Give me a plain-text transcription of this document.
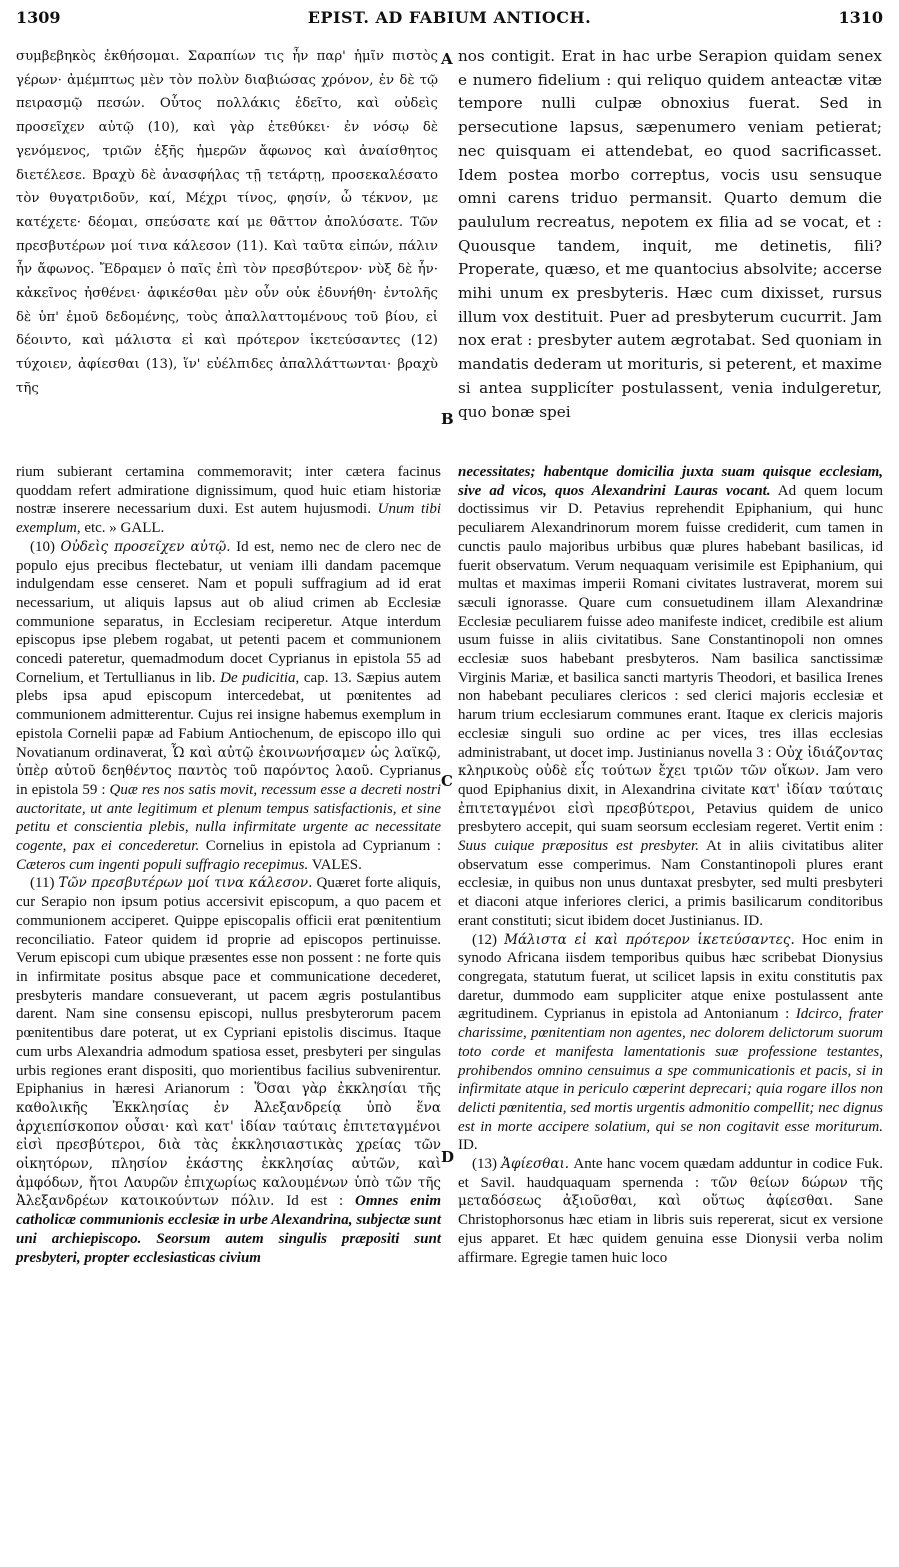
1309	EPIST. AD FABIUM ANTIOCH.	1310
συμβεβηκὸς ἐκθήσομαι. Σαραπίων τις ἦν παρ' ἡμῖν πιστὸς γέρων· ἀμέμπτως μὲν τὸν πολὺν διαβιώσας χρόνον, ἐν δὲ τῷ πειρασμῷ πεσών. Οὗτος πολλάκις ἐδεῖτο, καὶ οὐδεὶς προσεῖχεν αὐτῷ (10), καὶ γὰρ ἐτεθύκει· ἐν νόσῳ δὲ γενόμενος, τριῶν ἑξῆς ἡμερῶν ἄφωνος καὶ ἀναίσθητος διετέλεσε. Βραχὺ δὲ ἀνασφήλας τῇ τετάρτῃ, προσεκαλέσατο τὸν θυγατριδοῦν, καί, Μέχρι τίνος, φησίν, ὦ τέκνον, με κατέχετε· δέομαι, σπεύσατε καί με θᾶττον ἀπολύσατε. Τῶν πρεσβυτέρων μοί τινα κάλεσον (11). Καὶ ταῦτα εἰπών, πάλιν ἦν ἄφωνος. Ἔδραμεν ὁ παῖς ἐπὶ τὸν πρεσβύτερον· νὺξ δὲ ἦν· κἀκεῖνος ἠσθένει· ἀφικέσθαι μὲν οὖν οὐκ ἐδυνήθη· ἐντολῆς δὲ ὑπ' ἐμοῦ δεδομένης, τοὺς ἀπαλλαττομένους τοῦ βίου, εἰ δέοιντο, καὶ μάλιστα εἰ καὶ πρότερον ἱκετεύσαντες (12) τύχοιεν, ἀφίεσθαι (13), ἵν' εὐέλπιδες ἀπαλλάττωνται· βραχὺ τῆς
nos contigit. Erat in hac urbe Serapion quidam senex e numero fidelium : qui reliquo quidem anteactæ vitæ tempore nulli culpæ obnoxius fuerat. Sed in persecutione lapsus, sæpenumero veniam petierat; nec quisquam ei attendebat, eo quod sacrificasset. Idem postea morbo correptus, vocis usu sensuque omni carens triduo permansit. Quarto demum die paululum recreatus, nepotem ex filia ad se vocat, et : Quousque tandem, inquit, me detinetis, fili? Properate, quæso, et me quantocius absolvite; accerse mihi unum ex presbyteris. Hæc cum dixisset, rursus illum vox destituit. Puer ad presbyterum cucurrit. Jam nox erat : presbyter autem ægrotabat. Sed quoniam in mandatis dederam ut morituris, si peterent, et maxime si antea supplicíter postulassent, venia indulgeretur, quo bonæ spei
A
B
C
D

rium subierant certamina commemoravit; inter cætera facinus quoddam refert admiratione dignissimum, quod huic etiam historiæ nostræ inserere necessarium duxi. Est autem hujusmodi. Unum tibi exemplum, etc. » GALL.

(10) Οὐδεὶς προσεῖχεν αὐτῷ. Id est, nemo nec de clero nec de populo ejus precibus flectebatur, ut veniam illi dandam pacemque indulgendam esse censeret. Nam et populi suffragium ad id erat necessarium, ut aliquis lapsus aut ob aliud crimen ab Ecclesiæ communione separatus, in Ecclesiam reciperetur. Atque interdum episcopus ipse plebem rogabat, ut petenti pacem et communionem concedi pateretur, quemadmodum docet Cyprianus in epistola 55 ad Cornelium, et Tertullianus in lib. De pudicitia, cap. 13. Sæpius autem plebs ipsa apud episcopum intercedebat, ut pœnitentes ad communionem admitterentur. Cujus rei insigne habemus exemplum in epistola Cornelii papæ ad Fabium Antiochenum, de episcopo illo qui Novatianum ordinaverat, Ὧ καὶ αὐτῷ ἐκοινωνήσαμεν ὡς λαϊκῷ, ὑπὲρ αὐτοῦ δεηθέντος παντὸς τοῦ παρόντος λαοῦ. Cyprianus in epistola 59 : Quæ res nos satis movit, recessum esse a decreti nostri auctoritate, ut ante legitimum et plenum tempus satisfactionis, et sine petitu et conscientia plebis, nulla infirmitate urgente ac necessitate cogente, pax ei concederetur. Cornelius in epistola ad Cyprianum : Cæteros cum ingenti populi suffragio recepimus. VALES.

(11) Τῶν πρεσβυτέρων μοί τινα κάλεσον. Quæret forte aliquis, cur Serapio non ipsum potius accersivit episcopum, a quo pacem et communionem acciperet. Quippe episcopalis officii erat pœnitentium reconciliatio. Fateor quidem id proprie ad episcopos pertinuisse. Verum episcopi cum ubique præsentes esse non possent : ne forte quis in infirmitate positus absque pace et communicatione decederet, presbyteris mandare consueverant, ut pacem ægris postulantibus darent. Nam sine consensu episcopi, nullus presbyterorum pacem pœnitentibus dare poterat, ut ex Cypriani epistolis discimus. Itaque cum urbs Alexandria admodum spatiosa esset, presbyteri per singulas urbis regiones erant dispositi, quo morientibus facilius subvenirentur. Epiphanius in hæresi Arianorum : Ὅσαι γὰρ ἐκκλησίαι τῆς καθολικῆς Ἐκκλησίας ἐν Ἀλεξανδρείᾳ ὑπὸ ἕνα ἀρχιεπίσκοπον οὖσαι· καὶ κατ' ἰδίαν ταύταις ἐπιτεταγμένοι εἰσὶ πρεσβύτεροι, διὰ τὰς ἐκκλησιαστικὰς χρείας τῶν οἰκητόρων, πλησίον ἑκάστης ἐκκλησίας αὐτῶν, καὶ ἀμφόδων, ἤτοι Λαυρῶν ἐπιχωρίως καλουμένων ὑπὸ τῶν τῆς Ἀλεξανδρέων κατοικούντων πόλιν. Id est : Omnes enim catholicæ communionis ecclesiæ in urbe Alexandrina, subjectæ sunt uni archiepiscopo. Seorsum autem singulis præpositi sunt presbyteri, propter ecclesiasticas civium

necessitates; habentque domicilia juxta suam quisque ecclesiam, sive ad vicos, quos Alexandrini Lauras vocant. Ad quem locum doctissimus vir D. Petavius reprehendit Epiphanium, qui hunc peculiarem Alexandrinorum morem fuisse crediderit, cum tamen in cunctis paulo majoribus urbibus quæ plures habebant basilicas, id fuerit observatum. Verum nequaquam verisimile est Epiphanium, qui multas et maximas imperii Romani civitates lustraverat, morem sui sæculi ignorasse. Quare cum consuetudinem illam Alexandrinæ Ecclesiæ peculiarem fuisse adeo manifeste indicet, credibile est alium usum fuisse in aliis civitatibus. Sane Constantinopoli non omnes ecclesiæ suos habebant presbyteros. Nam basilica sanctissimæ Virginis Mariæ, et basilica sancti martyris Theodori, et basilica Irenes non habebant peculiares clericos : sed clerici majoris ecclesiæ et harum trium ecclesiarum communes erant. Itaque ex clericis majoris ecclesiæ singuli suo ordine ac per vices, tres illas ecclesias administrabant, ut docet imp. Justinianus novella 3 : Οὐχ ἰδιάζοντας κληρικοὺς οὐδὲ εἷς τούτων ἔχει τριῶν τῶν οἴκων. Jam vero quod Epiphanius dixit, in Alexandrina civitate κατ' ἰδίαν ταύταις ἐπιτεταγμένοι εἰσὶ πρεσβύτεροι, Petavius quidem de unico presbytero accepit, qui suam seorsum ecclesiam regeret. Vertit enim : Suus cuique præpositus est presbyter. At in aliis civitatibus aliter observatum esse comperimus. Nam Constantinopoli plures erant ecclesiæ, in quibus non unus duntaxat presbyter, sed multi presbyteri et diaconi atque inferiores clerici, a primis basilicarum conditoribus erant constituti; sicut ibidem docet Justinianus. ID.

(12) Μάλιστα εἰ καὶ πρότερον ἱκετεύσαντες. Hoc enim in synodo Africana iisdem temporibus quibus hæc scribebat Dionysius congregata, statutum fuerat, ut scilicet lapsis in exitu constitutis pax daretur, dummodo eam suppliciter atque enixe postulassent ante ægritudinem. Cyprianus in epistola ad Antonianum : Idcirco, frater charissime, pœnitentiam non agentes, nec dolorem delictorum suorum toto corde et manifesta lamentationis suæ professione testantes, prohibendos omnino censuimus a spe communicationis et pacis, si in infirmitate atque in periculo cœperint deprecari; quia rogare illos non delicti pœnitentia, sed mortis urgentis admonitio compellit; nec dignus est in morte accipere solatium, qui se non cogitavit esse moriturum. ID.

(13) Ἀφίεσθαι. Ante hanc vocem quædam adduntur in codice Fuk. et Savil. haudquaquam spernenda : τῶν θείων δώρων τῆς μεταδόσεως ἀξιοῦσθαι, καὶ οὕτως ἀφίεσθαι. Sane Christophorsonus hæc etiam in libris suis repererat, sicut ex versione ejus apparet. Et hæc quidem genuina esse Dionysii verba nolim affirmare. Egregie tamen huic loco
